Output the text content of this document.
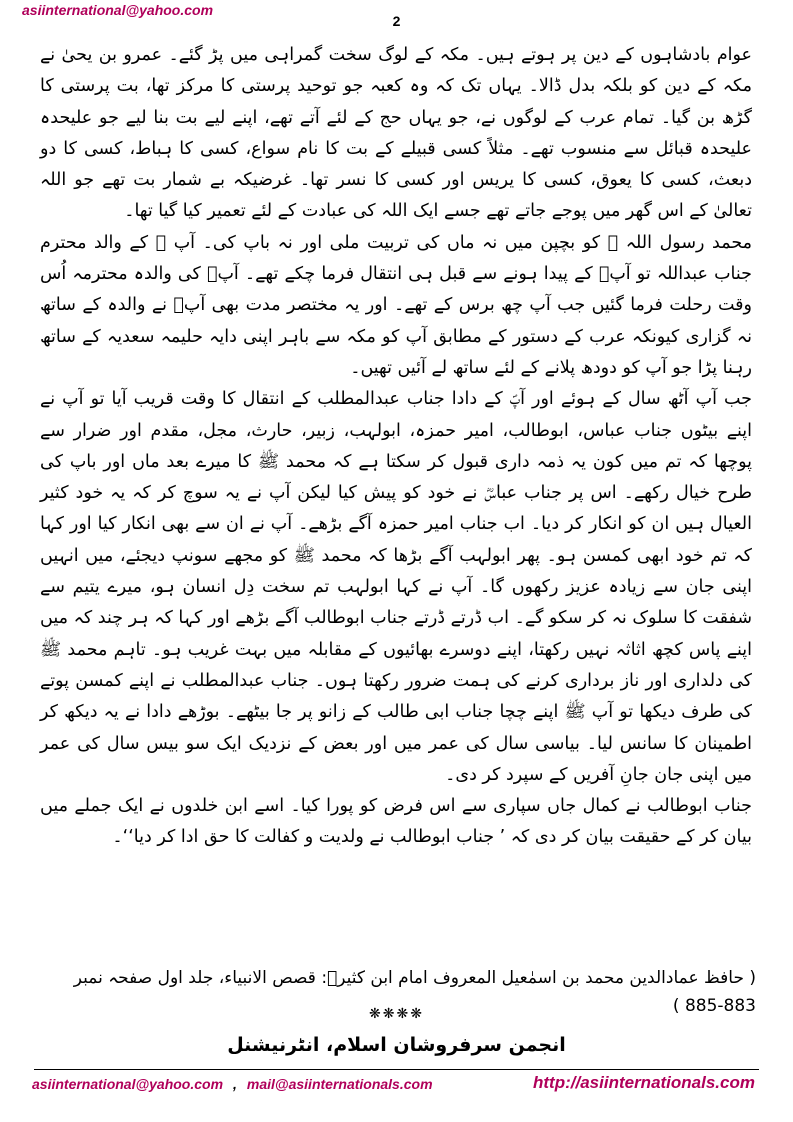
asiinternational@yahoo.com
2

عوام بادشاہوں کے دین پر ہوتے ہیں۔ مکہ کے لوگ سخت گمراہی میں پڑ گئے۔ عمرو بن یحیٰ نے مکہ کے دین کو بلکہ بدل ڈالا۔ یہاں تک کہ وہ کعبہ جو توحید پرستی کا مرکز تھا، بت پرستی کا گڑھ بن گیا۔ تمام عرب کے لوگوں نے، جو یہاں حج کے لئے آتے تھے، اپنے لیے بت بنا لیے جو علیحدہ علیحدہ قبائل سے منسوب تھے۔ مثلاً کسی قبیلے کے بت کا نام سواع، کسی کا ہباط، کسی کا دو دبعث، کسی کا یعوق، کسی کا یریس اور کسی کا نسر تھا۔ غرضیکہ بے شمار بت تھے جو اللہ تعالیٰ کے اس گھر میں پوجے جاتے تھے جسے ایک اللہ کی عبادت کے لئے تعمیر کیا گیا تھا۔

محمد رسول اللہ ﷺ کو بچپن میں نہ ماں کی تربیت ملی اور نہ باپ کی۔ آپ ﷺ کے والد محترم جناب عبداللہ تو آپؐ کے پیدا ہونے سے قبل ہی انتقال فرما چکے تھے۔ آپؐ کی والدہ محترمہ اُس وقت رحلت فرما گئیں جب آپ چھ برس کے تھے۔ اور یہ مختصر مدت بھی آپؐ نے والدہ کے ساتھ نہ گزاری کیونکہ عرب کے دستور کے مطابق آپ کو مکہ سے باہر اپنی دایہ حلیمہ سعدیہ کے ساتھ رہنا پڑا جو آپ کو دودھ پلانے کے لئے ساتھ لے آئیں تھیں۔

جب آپ آٹھ سال کے ہوئے اور آپؐ کے دادا جناب عبدالمطلب کے انتقال کا وقت قریب آیا تو آپ نے اپنے بیٹوں جناب عباس، ابوطالب، امیر حمزہ، ابولہب، زبیر، حارث، مجل، مقدم اور ضرار سے پوچھا کہ تم میں کون یہ ذمہ داری قبول کر سکتا ہے کہ محمد ﷺ کا میرے بعد ماں اور باپ کی طرح خیال رکھے۔ اس پر جناب عباسؓ نے خود کو پیش کیا لیکن آپ نے یہ سوچ کر کہ یہ خود کثیر العیال ہیں ان کو انکار کر دیا۔ اب جناب امیر حمزہ آگے بڑھے۔ آپ نے ان سے بھی انکار کیا اور کہا کہ تم خود ابھی کمسن ہو۔ پھر ابولہب آگے بڑھا کہ محمد ﷺ کو مجھے سونپ دیجئے، میں انہیں اپنی جان سے زیادہ عزیز رکھوں گا۔ آپ نے کہا ابولہب تم سخت دِل انسان ہو، میرے یتیم سے شفقت کا سلوک نہ کر سکو گے۔ اب ڈرتے ڈرتے جناب ابوطالب آگے بڑھے اور کہا کہ ہر چند کہ میں اپنے پاس کچھ اثاثہ نہیں رکھتا، اپنے دوسرے بھائیوں کے مقابلہ میں بہت غریب ہو۔ تاہم محمد ﷺ کی دلداری اور ناز برداری کرنے کی ہمت ضرور رکھتا ہوں۔ جناب عبدالمطلب نے اپنے کمسن پوتے کی طرف دیکھا تو آپ ﷺ اپنے چچا جناب ابی طالب کے زانو پر جا بیٹھے۔ بوڑھے دادا نے یہ دیکھ کر اطمینان کا سانس لیا۔ بیاسی سال کی عمر میں اور بعض کے نزدیک ایک سو بیس سال کی عمر میں اپنی جان جانِ آفریں کے سپرد کر دی۔

جناب ابوطالب نے کمال جاں سپاری سے اس فرض کو پورا کیا۔ اسے ابن خلدوں نے ایک جملے میں بیان کر کے حقیقت بیان کر دی کہ ’ جناب ابوطالب نے ولدیت و کفالت کا حق ادا کر دیا‘‘۔

( حافظ عمادالدین محمد بن اسمٰعیل المعروف امام ابن کثیرؒ: قصص الانبیاء، جلد اول صفحہ نمبر 883-885 )
❋❋❋❋
انجمن سرفروشان اسلام، انٹرنیشنل
asiinternational@yahoo.com , mail@asiinternationals.com	http://asiinternationals.com
